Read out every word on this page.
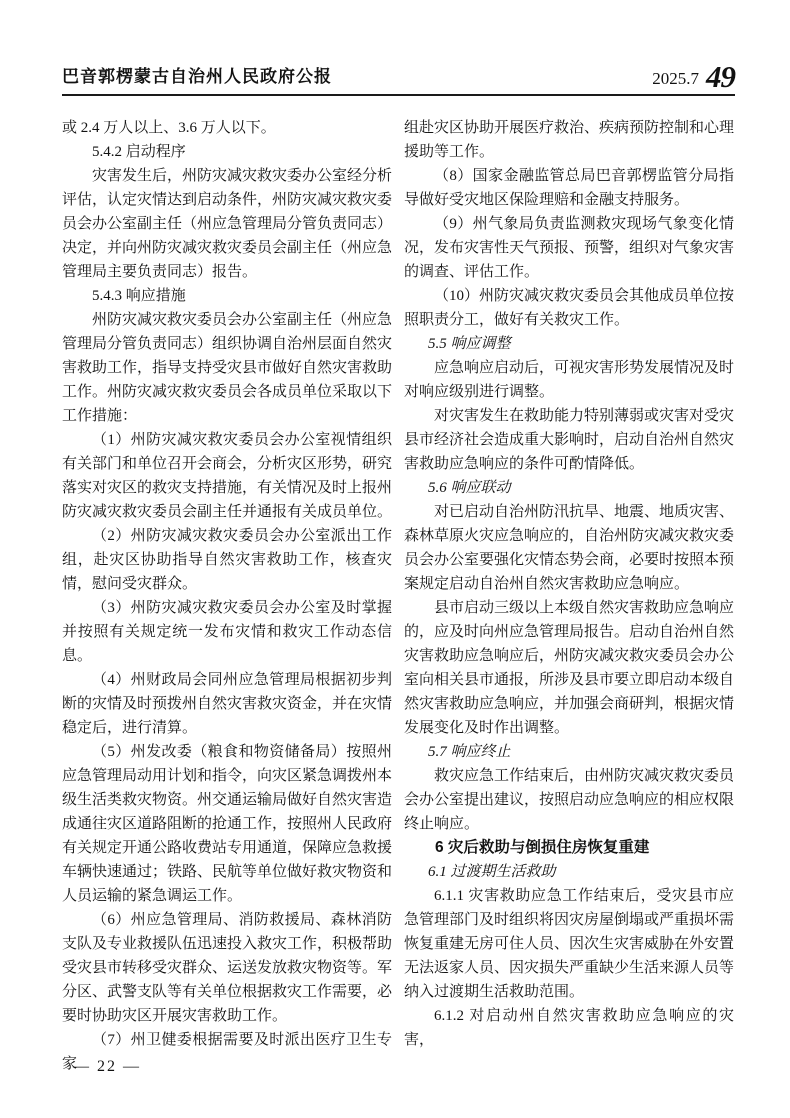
巴音郭楞蒙古自治州人民政府公报	2025.7 49

或 2.4 万人以上、3.6 万人以下。

5.4.2 启动程序

灾害发生后，州防灾减灾救灾委办公室经分析评估，认定灾情达到启动条件，州防灾减灾救灾委员会办公室副主任（州应急管理局分管负责同志）决定，并向州防灾减灾救灾委员会副主任（州应急管理局主要负责同志）报告。

5.4.3 响应措施

州防灾减灾救灾委员会办公室副主任（州应急管理局分管负责同志）组织协调自治州层面自然灾害救助工作，指导支持受灾县市做好自然灾害救助工作。州防灾减灾救灾委员会各成员单位采取以下工作措施：

（1）州防灾减灾救灾委员会办公室视情组织有关部门和单位召开会商会，分析灾区形势，研究落实对灾区的救灾支持措施，有关情况及时上报州防灾减灾救灾委员会副主任并通报有关成员单位。

（2）州防灾减灾救灾委员会办公室派出工作组，赴灾区协助指导自然灾害救助工作，核查灾情，慰问受灾群众。

（3）州防灾减灾救灾委员会办公室及时掌握并按照有关规定统一发布灾情和救灾工作动态信息。

（4）州财政局会同州应急管理局根据初步判断的灾情及时预拨州自然灾害救灾资金，并在灾情稳定后，进行清算。

（5）州发改委（粮食和物资储备局）按照州应急管理局动用计划和指令，向灾区紧急调拨州本级生活类救灾物资。州交通运输局做好自然灾害造成通往灾区道路阻断的抢通工作，按照州人民政府有关规定开通公路收费站专用通道，保障应急救援车辆快速通过；铁路、民航等单位做好救灾物资和人员运输的紧急调运工作。

（6）州应急管理局、消防救援局、森林消防支队及专业救援队伍迅速投入救灾工作，积极帮助受灾县市转移受灾群众、运送发放救灾物资等。军分区、武警支队等有关单位根据救灾工作需要，必要时协助灾区开展灾害救助工作。

（7）州卫健委根据需要及时派出医疗卫生专家

组赴灾区协助开展医疗救治、疾病预防控制和心理援助等工作。

（8）国家金融监管总局巴音郭楞监管分局指导做好受灾地区保险理赔和金融支持服务。

（9）州气象局负责监测救灾现场气象变化情况，发布灾害性天气预报、预警，组织对气象灾害的调查、评估工作。

（10）州防灾减灾救灾委员会其他成员单位按照职责分工，做好有关救灾工作。

5.5 响应调整

应急响应启动后，可视灾害形势发展情况及时对响应级别进行调整。

对灾害发生在救助能力特别薄弱或灾害对受灾县市经济社会造成重大影响时，启动自治州自然灾害救助应急响应的条件可酌情降低。

5.6 响应联动

对已启动自治州防汛抗旱、地震、地质灾害、森林草原火灾应急响应的，自治州防灾减灾救灾委员会办公室要强化灾情态势会商，必要时按照本预案规定启动自治州自然灾害救助应急响应。

县市启动三级以上本级自然灾害救助应急响应的，应及时向州应急管理局报告。启动自治州自然灾害救助应急响应后，州防灾减灾救灾委员会办公室向相关县市通报，所涉及县市要立即启动本级自然灾害救助应急响应，并加强会商研判，根据灾情发展变化及时作出调整。

5.7 响应终止

救灾应急工作结束后，由州防灾减灾救灾委员会办公室提出建议，按照启动应急响应的相应权限终止响应。

6 灾后救助与倒损住房恢复重建

6.1 过渡期生活救助

6.1.1 灾害救助应急工作结束后，受灾县市应急管理部门及时组织将因灾房屋倒塌或严重损坏需恢复重建无房可住人员、因次生灾害威胁在外安置无法返家人员、因灾损失严重缺少生活来源人员等纳入过渡期生活救助范围。

6.1.2 对启动州自然灾害救助应急响应的灾害，

— 22 —
